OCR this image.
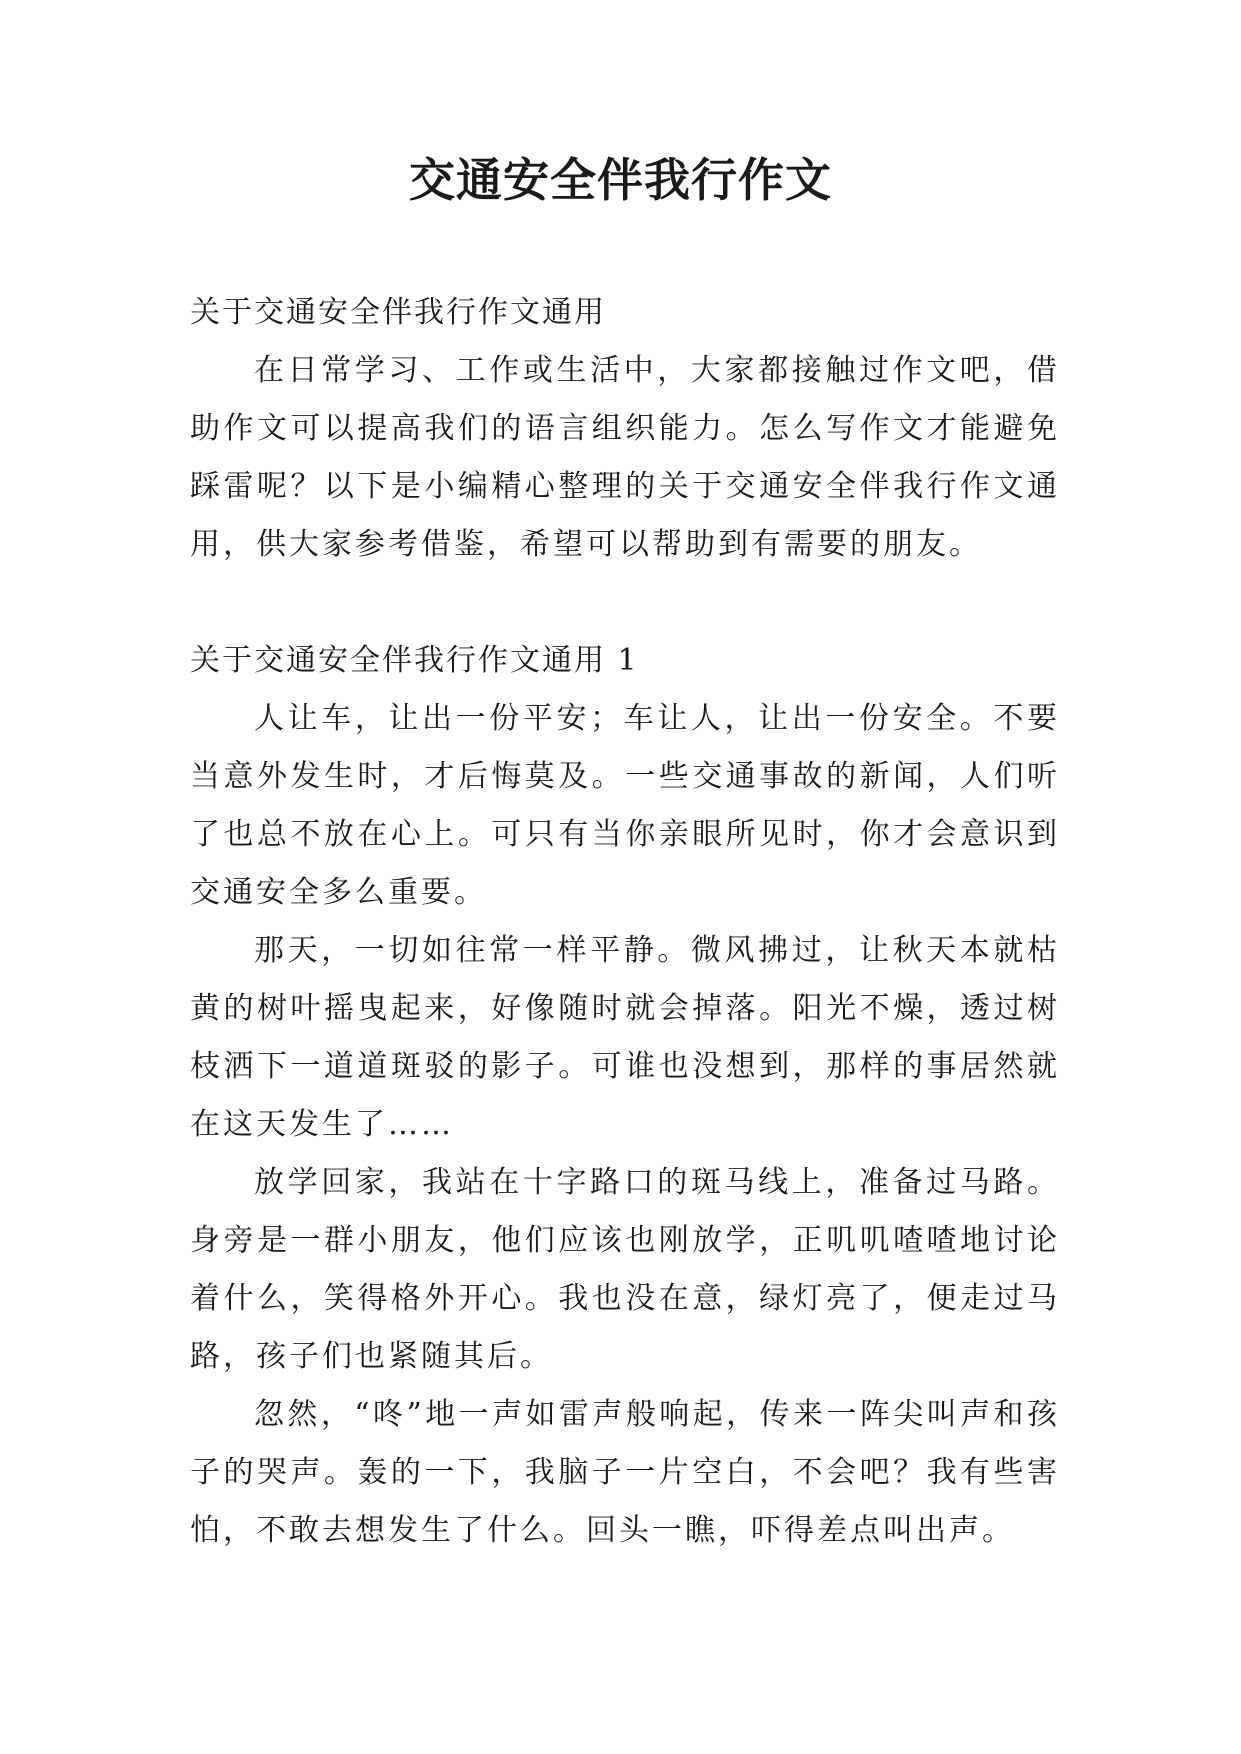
交通安全伴我行作文

关于交通安全伴我行作文通用

在日常学习、工作或生活中，大家都接触过作文吧，借助作文可以提高我们的语言组织能力。怎么写作文才能避免踩雷呢？以下是小编精心整理的关于交通安全伴我行作文通用，供大家参考借鉴，希望可以帮助到有需要的朋友。

关于交通安全伴我行作文通用 1

人让车，让出一份平安；车让人，让出一份安全。不要当意外发生时，才后悔莫及。一些交通事故的新闻，人们听了也总不放在心上。可只有当你亲眼所见时，你才会意识到交通安全多么重要。

那天，一切如往常一样平静。微风拂过，让秋天本就枯黄的树叶摇曳起来，好像随时就会掉落。阳光不燥，透过树枝洒下一道道斑驳的影子。可谁也没想到，那样的事居然就在这天发生了……

放学回家，我站在十字路口的斑马线上，准备过马路。身旁是一群小朋友，他们应该也刚放学，正叽叽喳喳地讨论着什么，笑得格外开心。我也没在意，绿灯亮了，便走过马路，孩子们也紧随其后。

忽然，“咚”地一声如雷声般响起，传来一阵尖叫声和孩子的哭声。轰的一下，我脑子一片空白，不会吧？我有些害怕，不敢去想发生了什么。回头一瞧，吓得差点叫出声。
